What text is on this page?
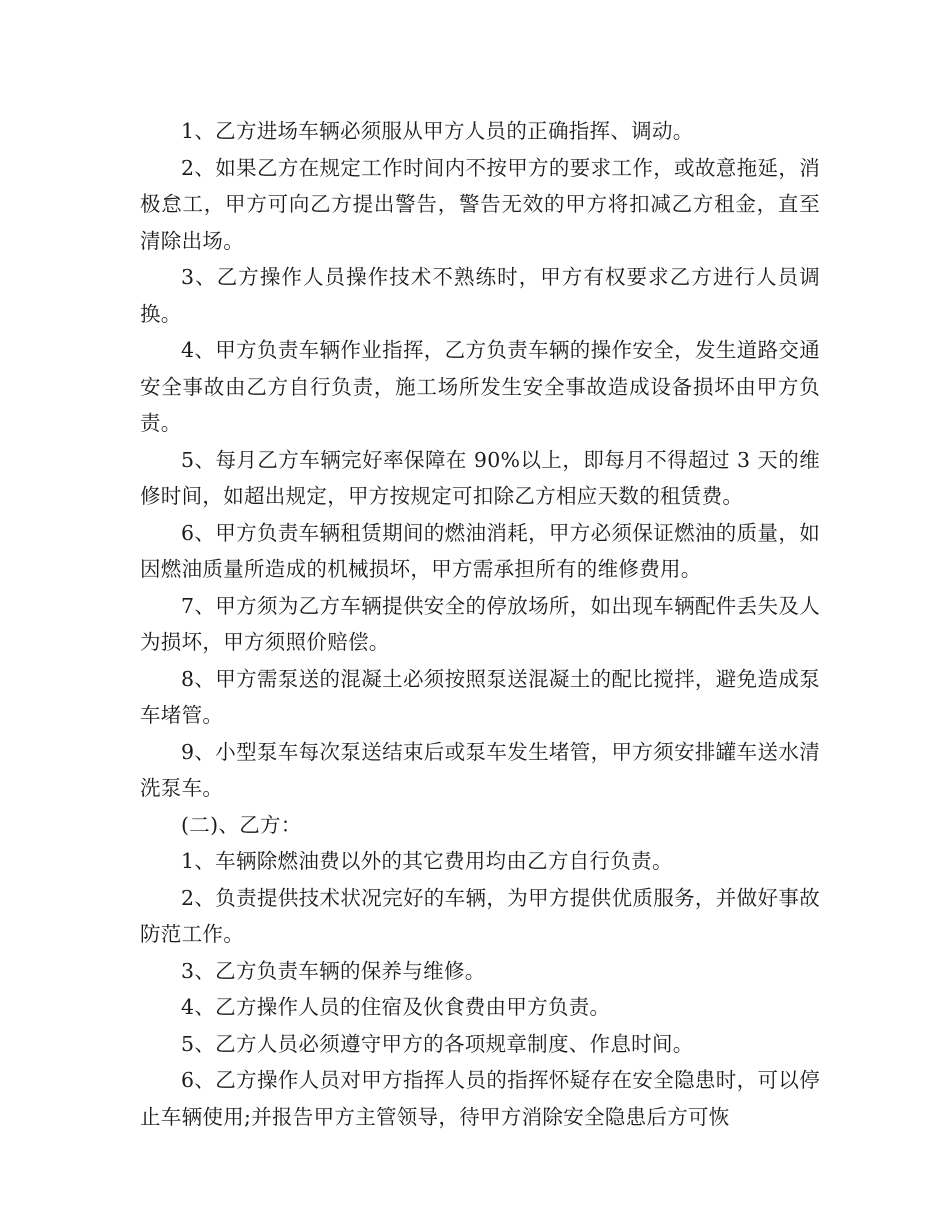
1、乙方进场车辆必须服从甲方人员的正确指挥、调动。

2、如果乙方在规定工作时间内不按甲方的要求工作，或故意拖延，消极怠工，甲方可向乙方提出警告，警告无效的甲方将扣减乙方租金，直至清除出场。

3、乙方操作人员操作技术不熟练时，甲方有权要求乙方进行人员调换。

4、甲方负责车辆作业指挥，乙方负责车辆的操作安全，发生道路交通安全事故由乙方自行负责，施工场所发生安全事故造成设备损坏由甲方负责。

5、每月乙方车辆完好率保障在 90%以上，即每月不得超过 3 天的维修时间，如超出规定，甲方按规定可扣除乙方相应天数的租赁费。

6、甲方负责车辆租赁期间的燃油消耗，甲方必须保证燃油的质量，如因燃油质量所造成的机械损坏，甲方需承担所有的维修费用。

7、甲方须为乙方车辆提供安全的停放场所，如出现车辆配件丢失及人为损坏，甲方须照价赔偿。

8、甲方需泵送的混凝土必须按照泵送混凝土的配比搅拌，避免造成泵车堵管。

9、小型泵车每次泵送结束后或泵车发生堵管，甲方须安排罐车送水清洗泵车。

(二)、乙方：

1、车辆除燃油费以外的其它费用均由乙方自行负责。

2、负责提供技术状况完好的车辆，为甲方提供优质服务，并做好事故防范工作。

3、乙方负责车辆的保养与维修。

4、乙方操作人员的住宿及伙食费由甲方负责。

5、乙方人员必须遵守甲方的各项规章制度、作息时间。

6、乙方操作人员对甲方指挥人员的指挥怀疑存在安全隐患时，可以停止车辆使用;并报告甲方主管领导，待甲方消除安全隐患后方可恢
